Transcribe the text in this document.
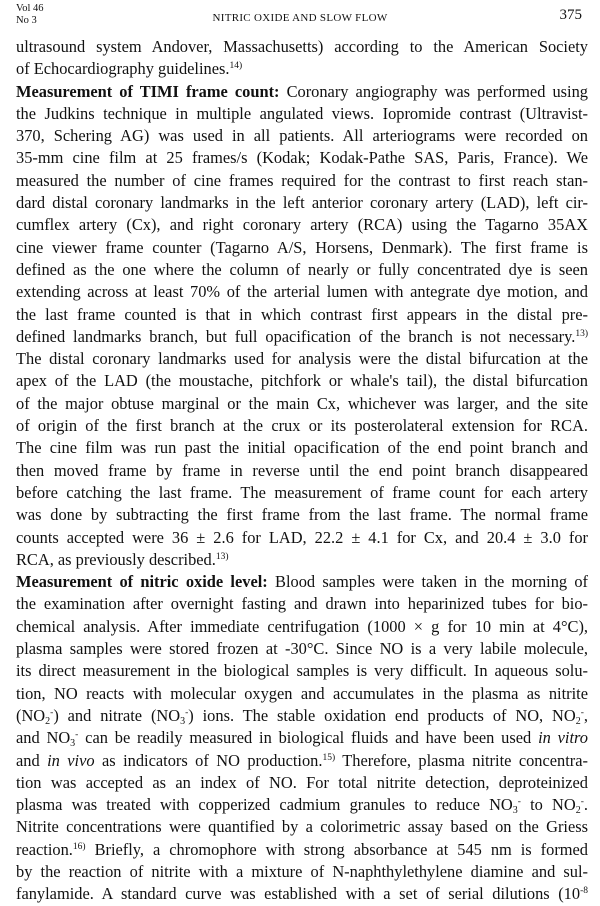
Vol 46
No 3	NITRIC OXIDE AND SLOW FLOW	375
ultrasound system Andover, Massachusetts) according to the American Society
of Echocardiography guidelines.$^{14)}$
Measurement of TIMI frame count: Coronary angiography was performed using
the Judkins technique in multiple angulated views. Iopromide contrast (Ultravist-
370, Schering AG) was used in all patients. All arteriograms were recorded on
35-mm cine film at 25 frames/s (Kodak; Kodak-Pathe SAS, Paris, France). We
measured the number of cine frames required for the contrast to first reach stan-
dard distal coronary landmarks in the left anterior coronary artery (LAD), left cir-
cumflex artery (Cx), and right coronary artery (RCA) using the Tagarno 35AX
cine viewer frame counter (Tagarno A/S, Horsens, Denmark). The first frame is
defined as the one where the column of nearly or fully concentrated dye is seen
extending across at least 70% of the arterial lumen with antegrate dye motion, and
the last frame counted is that in which contrast first appears in the distal pre-
defined landmarks branch, but full opacification of the branch is not necessary.$^{13)}$
The distal coronary landmarks used for analysis were the distal bifurcation at the
apex of the LAD (the moustache, pitchfork or whale's tail), the distal bifurcation
of the major obtuse marginal or the main Cx, whichever was larger, and the site
of origin of the first branch at the crux or its posterolateral extension for RCA.
The cine film was run past the initial opacification of the end point branch and
then moved frame by frame in reverse until the end point branch disappeared
before catching the last frame. The measurement of frame count for each artery
was done by subtracting the first frame from the last frame. The normal frame
counts accepted were 36 ± 2.6 for LAD, 22.2 ± 4.1 for Cx, and 20.4 ± 3.0 for
RCA, as previously described.$^{13)}$
Measurement of nitric oxide level: Blood samples were taken in the morning of
the examination after overnight fasting and drawn into heparinized tubes for bio-
chemical analysis. After immediate centrifugation (1000 × g for 10 min at 4°C),
plasma samples were stored frozen at -30°C. Since NO is a very labile molecule,
its direct measurement in the biological samples is very difficult. In aqueous solu-
tion, NO reacts with molecular oxygen and accumulates in the plasma as nitrite
$(NO_2^-)$ and nitrate $(NO_3^-)$ ions. The stable oxidation end products of NO, $NO_2^-$,
and $NO_3^-$ can be readily measured in biological fluids and have been used in vitro
and in vivo as indicators of NO production.$^{15)}$ Therefore, plasma nitrite concentra-
tion was accepted as an index of NO. For total nitrite detection, deproteinized
plasma was treated with copperized cadmium granules to reduce $NO_3^-$ to $NO_2^-$.
Nitrite concentrations were quantified by a colorimetric assay based on the Griess
reaction.$^{16)}$ Briefly, a chromophore with strong absorbance at 545 nm is formed
by the reaction of nitrite with a mixture of N-naphthylethylene diamine and sul-
fanylamide. A standard curve was established with a set of serial dilutions ($10^{-8}$
